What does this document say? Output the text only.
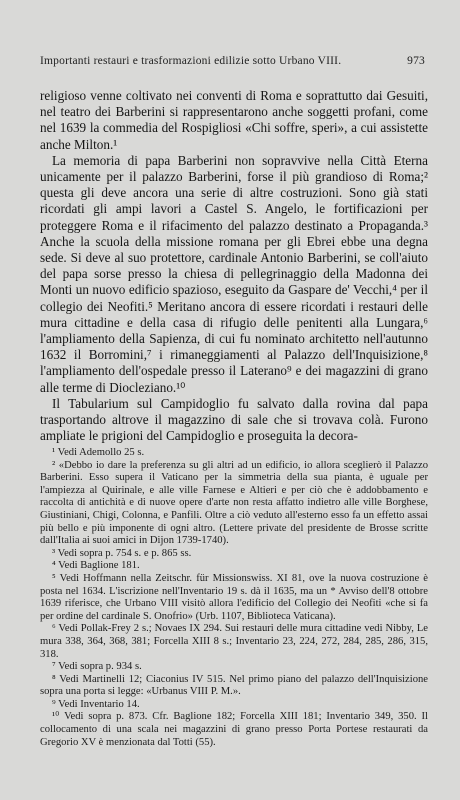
Importanti restauri e trasformazioni edilizie sotto Urbano VIII.	973

religioso venne coltivato nei conventi di Roma e soprattutto dai Gesuiti, nel teatro dei Barberini si rappresentarono anche soggetti profani, come nel 1639 la commedia del Rospigliosi «Chi soffre, speri», a cui assistette anche Milton.¹

La memoria di papa Barberini non sopravvive nella Città Eterna unicamente per il palazzo Barberini, forse il più grandioso di Roma;² questa gli deve ancora una serie di altre costruzioni. Sono già stati ricordati gli ampi lavori a Castel S. Angelo, le fortificazioni per proteggere Roma e il rifacimento del palazzo destinato a Propaganda.³ Anche la scuola della missione romana per gli Ebrei ebbe una degna sede. Si deve al suo protettore, cardinale Antonio Barberini, se coll'aiuto del papa sorse presso la chiesa di pellegrinaggio della Madonna dei Monti un nuovo edificio spazioso, eseguito da Gaspare de' Vecchi,⁴ per il collegio dei Neofiti.⁵ Meritano ancora di essere ricordati i restauri delle mura cittadine e della casa di rifugio delle penitenti alla Lungara,⁶ l'ampliamento della Sapienza, di cui fu nominato architetto nell'autunno 1632 il Borromini,⁷ i rimaneggiamenti al Palazzo dell'Inquisizione,⁸ l'ampliamento dell'ospedale presso il Laterano⁹ e dei magazzini di grano alle terme di Diocleziano.¹⁰

Il Tabularium sul Campidoglio fu salvato dalla rovina dal papa trasportando altrove il magazzino di sale che si trovava colà. Furono ampliate le prigioni del Campidoglio e proseguita la decora-

¹ Vedi Ademollo 25 s.

² «Debbo io dare la preferenza su gli altri ad un edificio, io allora sceglierò il Palazzo Barberini. Esso supera il Vaticano per la simmetria della sua pianta, è uguale per l'ampiezza al Quirinale, e alle ville Farnese e Altieri e per ciò che è addobbamento e raccolta di antichità e di nuove opere d'arte non resta affatto indietro alle ville Borghese, Giustiniani, Chigi, Colonna, e Panfili. Oltre a ciò veduto all'esterno esso fa un effetto assai più bello e più imponente di ogni altro. (Lettere private del presidente de Brosse scritte dall'Italia ai suoi amici in Dijon 1739-1740).

³ Vedi sopra p. 754 s. e p. 865 ss.

⁴ Vedi Baglione 181.

⁵ Vedi Hoffmann nella Zeitschr. für Missionswiss. XI 81, ove la nuova costruzione è posta nel 1634. L'iscrizione nell'Inventario 19 s. dà il 1635, ma un * Avviso dell'8 ottobre 1639 riferisce, che Urbano VIII visitò allora l'edificio del Collegio dei Neofiti «che si fa per ordine del cardinale S. Onofrio» (Urb. 1107, Biblioteca Vaticana).

⁶ Vedi Pollak-Frey 2 s.; Novaes IX 294. Sui restauri delle mura cittadine vedi Nibby, Le mura 338, 364, 368, 381; Forcella XIII 8 s.; Inventario 23, 224, 272, 284, 285, 286, 315, 318.

⁷ Vedi sopra p. 934 s.

⁸ Vedi Martinelli 12; Ciaconius IV 515. Nel primo piano del palazzo dell'Inquisizione sopra una porta si legge: «Urbanus VIII P. M.».

⁹ Vedi Inventario 14.

¹⁰ Vedi sopra p. 873. Cfr. Baglione 182; Forcella XIII 181; Inventario 349, 350. Il collocamento di una scala nei magazzini di grano presso Porta Portese restaurati da Gregorio XV è menzionata dal Totti (55).
